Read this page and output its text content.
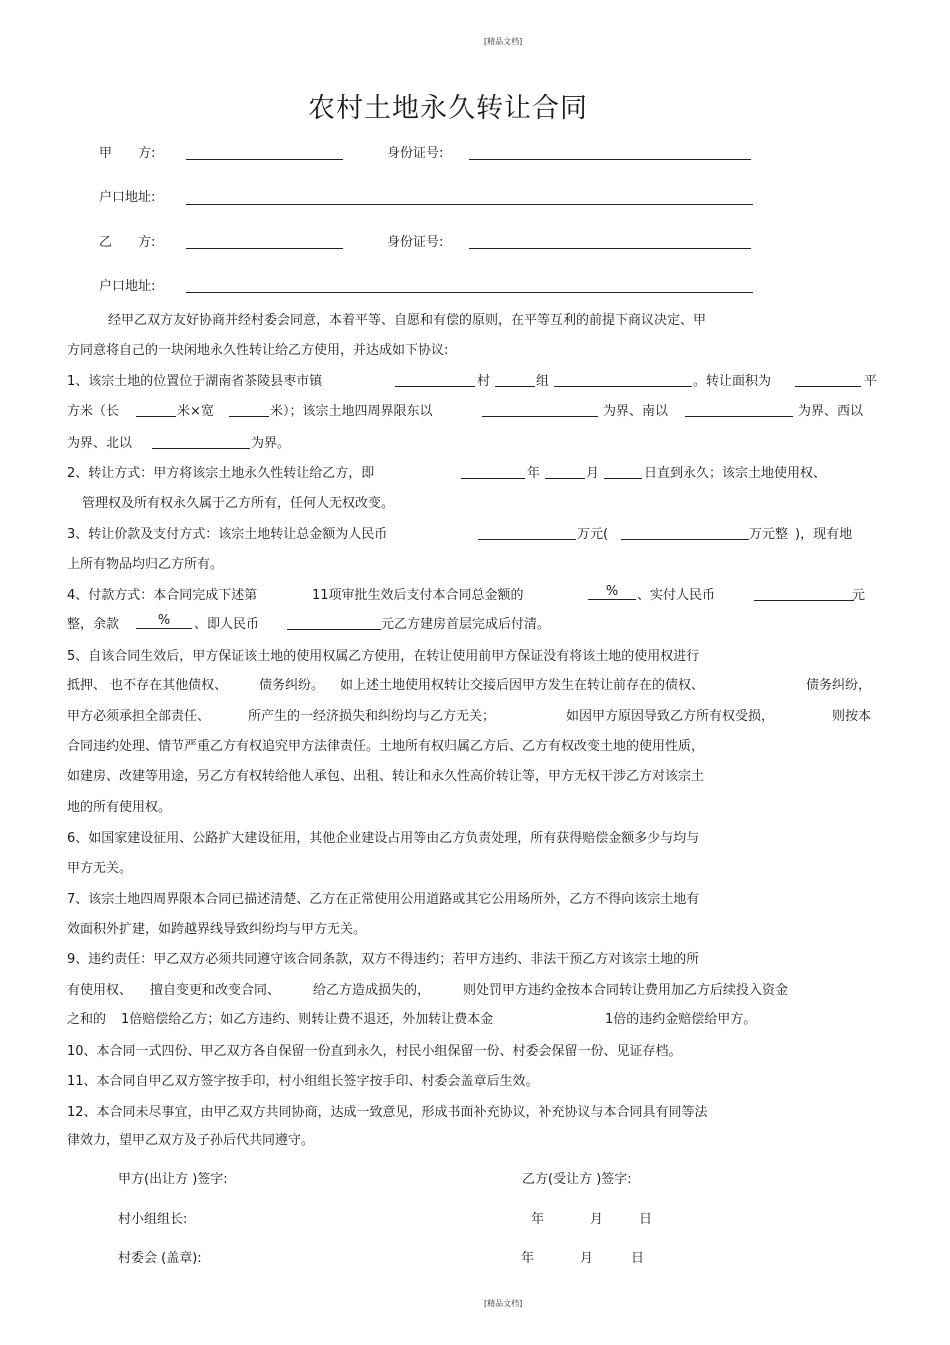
[精品文档]
[精品文档]
农村土地永久转让合同
甲　　方:	身份证号:
户口地址:
乙　　方:	身份证号:
户口地址:
经甲乙双方友好协商并经村委会同意，本着平等、自愿和有偿的原则，在平等互利的前提下商议决定、甲
方同意将自己的一块闲地永久性转让给乙方使用，并达成如下协议:
1、该宗土地的位置位于湖南省茶陵县枣市镇	村	组	。转让面积为	平
方米（长	米×宽	米）；该宗土地四周界限东以	为界、南以	为界、西以
为界、北以	为界。
2、转让方式：甲方将该宗土地永久性转让给乙方，即	年	月	日直到永久；该宗土地使用权、
管理权及所有权永久属于乙方所有，任何人无权改变。
3、转让价款及支付方式：该宗土地转让总金额为人民币	万元(	万元整 )，现有地
上所有物品均归乙方所有。
4、付款方式：本合同完成下述第	11项审批生效后支付本合同总金额的	%	、实付人民币	元
整，余款	%	、即人民币	元乙方建房首层完成后付清。
5、自该合同生效后，甲方保证该土地的使用权属乙方使用，在转让使用前甲方保证没有将该土地的使用权进行
抵押、 也不存在其他债权、 债务纠纷。 如上述土地使用权转让交接后因甲方发生在转让前存在的债权、	债务纠纷，
甲方必须承担全部责任、	所产生的一经济损失和纠纷均与乙方无关；	如因甲方原因导致乙方所有权受损，	则按本
合同违约处理、情节严重乙方有权追究甲方法律责任。土地所有权归属乙方后、乙方有权改变土地的使用性质，
如建房、改建等用途，另乙方有权转给他人承包、出租、转让和永久性高价转让等，甲方无权干涉乙方对该宗土
地的所有使用权。
6、如国家建设征用、公路扩大建设征用，其他企业建设占用等由乙方负责处理，所有获得赔偿金额多少与均与
甲方无关。
7、该宗土地四周界限本合同已描述清楚、乙方在正常使用公用道路或其它公用场所外，乙方不得向该宗土地有
效面积外扩建，如跨越界线导致纠纷均与甲方无关。
9、违约责任：甲乙双方必须共同遵守该合同条款，双方不得违约；若甲方违约、非法干预乙方对该宗土地的所
有使用权、 擅自变更和改变合同、	给乙方造成损失的，	则处罚甲方违约金按本合同转让费用加乙方后续投入资金
之和的 1倍赔偿给乙方；如乙方违约、则转让费不退还，外加转让费本金	1倍的违约金赔偿给甲方。
10、本合同一式四份、甲乙双方各自保留一份直到永久，村民小组保留一份、村委会保留一份、见证存档。
11、本合同自甲乙双方签字按手印，村小组组长签字按手印、村委会盖章后生效。
12、本合同未尽事宜，由甲乙双方共同协商，达成一致意见，形成书面补充协议，补充协议与本合同具有同等法
律效力，望甲乙双方及子孙后代共同遵守。
甲方(出让方 )签字:	乙方(受让方 )签字:
村小组组长:	年	月	日
村委会 (盖章):	年	月	日
